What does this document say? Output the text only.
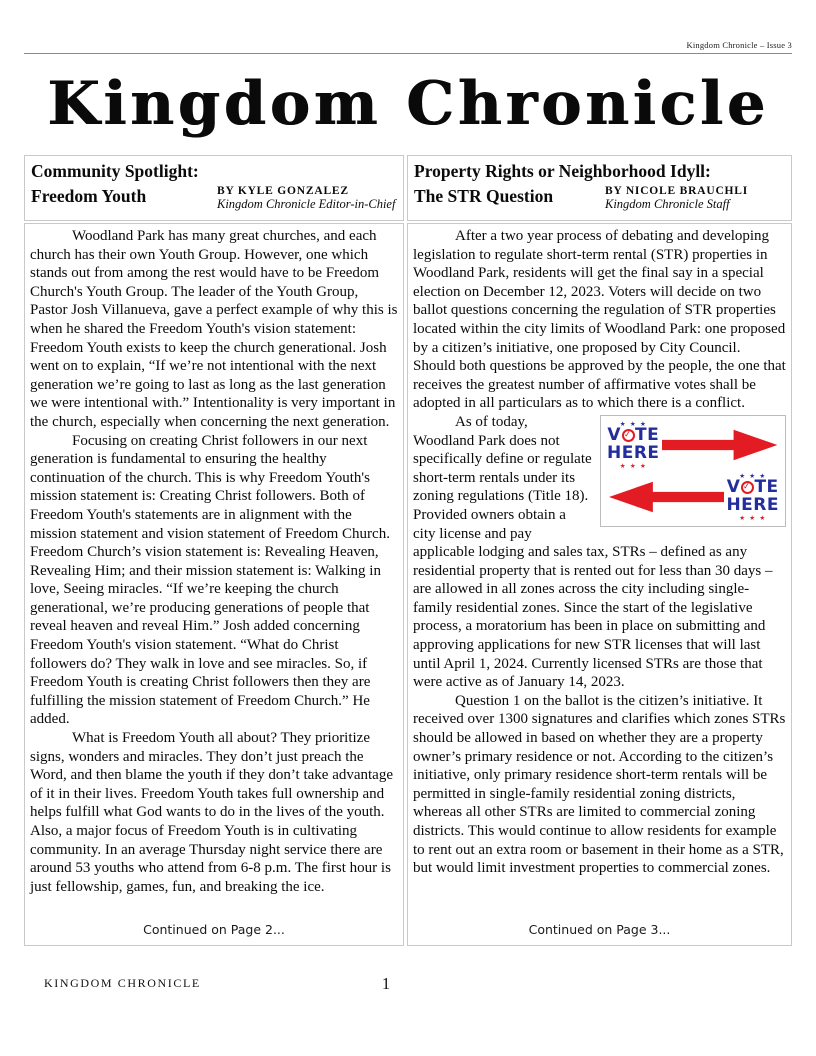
Kingdom Chronicle – Issue 3
Kingdom Chronicle
Community Spotlight:
Freedom Youth	BY KYLE GONZALEZ
Kingdom Chronicle Editor-in-Chief

Woodland Park has many great churches, and each church has their own Youth Group. However, one which stands out from among the rest would have to be Freedom Church's Youth Group. The leader of the Youth Group, Pastor Josh Villanueva, gave a perfect example of why this is when he shared the Freedom Youth's vision statement: Freedom Youth exists to keep the church generational. Josh went on to explain, “If we’re not intentional with the next generation we’re going to last as long as the last generation we were intentional with.” Intentionality is very important in the church, especially when concerning the next generation.

Focusing on creating Christ followers in our next generation is fundamental to ensuring the healthy continuation of the church. This is why Freedom Youth's mission statement is: Creating Christ followers. Both of Freedom Youth's statements are in alignment with the mission statement and vision statement of Freedom Church. Freedom Church’s vision statement is: Revealing Heaven, Revealing Him; and their mission statement is: Walking in love, Seeing miracles. “If we’re keeping the church generational, we’re producing generations of people that reveal heaven and reveal Him.” Josh added concerning Freedom Youth's vision statement. “What do Christ followers do? They walk in love and see miracles. So, if Freedom Youth is creating Christ followers then they are fulfilling the mission statement of Freedom Church.” He added.

What is Freedom Youth all about? They prioritize signs, wonders and miracles. They don’t just preach the Word, and then blame the youth if they don’t take advantage of it in their lives. Freedom Youth takes full ownership and helps fulfill what God wants to do in the lives of the youth. Also, a major focus of Freedom Youth is in cultivating community. In an average Thursday night service there are around 53 youths who attend from 6-8 p.m. The first hour is just fellowship, games, fun, and breaking the ice.

Continued on Page 2...
Property Rights or Neighborhood Idyll:
The STR Question	BY NICOLE BRAUCHLI
Kingdom Chronicle Staff

After a two year process of debating and developing legislation to regulate short-term rental (STR) properties in Woodland Park, residents will get the final say in a special election on December 12, 2023. Voters will decide on two ballot questions concerning the regulation of STR properties located within the city limits of Woodland Park: one proposed by a citizen’s initiative, one proposed by City Council. Should both questions be approved by the people, the one that receives the greatest number of affirmative votes shall be adopted in all particulars as to which there is a conflict.

★ ★ ★
V ✓ TE
HERE
★ ★ ★
★ ★ ★
V ✓ TE
HERE
★ ★ ★
As of today, Woodland Park does not specifically define or regulate short-term rentals under its zoning regulations (Title 18). Provided owners obtain a city license and pay applicable lodging and sales tax, STRs – defined as any residential property that is rented out for less than 30 days – are allowed in all zones across the city including single-family residential zones. Since the start of the legislative process, a moratorium has been in place on submitting and approving applications for new STR licenses that will last until April 1, 2024. Currently licensed STRs are those that were active as of January 14, 2023.

Question 1 on the ballot is the citizen’s initiative. It received over 1300 signatures and clarifies which zones STRs should be allowed in based on whether they are a property owner’s primary residence or not. According to the citizen’s initiative, only primary residence short-term rentals will be permitted in single-family residential zoning districts, whereas all other STRs are limited to commercial zoning districts. This would continue to allow residents for example to rent out an extra room or basement in their home as a STR, but would limit investment properties to commercial zones.

Continued on Page 3...
KINGDOM CHRONICLE	1
